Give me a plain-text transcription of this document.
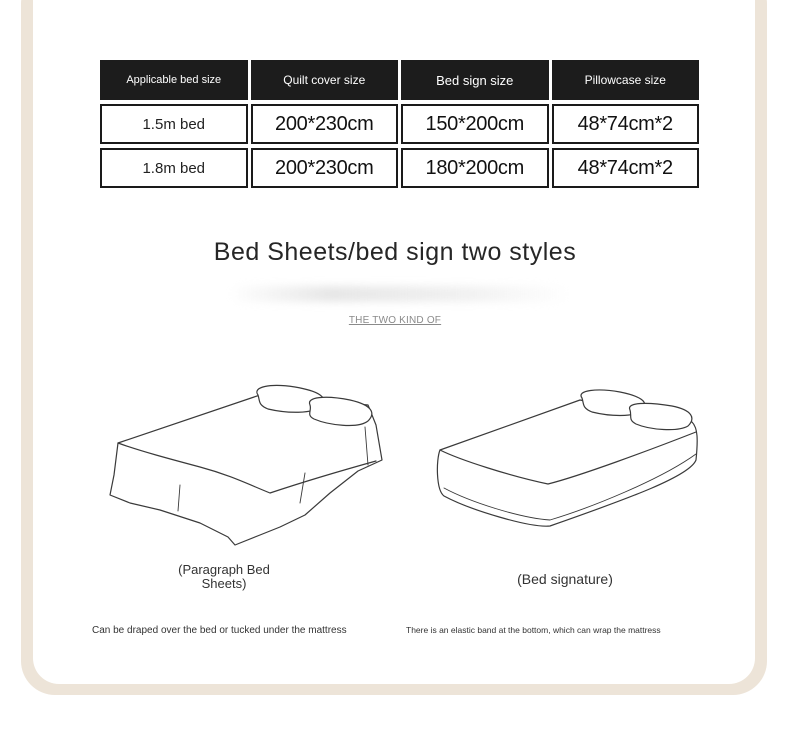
Applicable bed size	Quilt cover size	Bed sign size	Pillowcase size
1.5m bed	200*230cm	150*200cm	48*74cm*2
1.8m bed	200*230cm	180*200cm	48*74cm*2
Bed Sheets/bed sign two styles
THE TWO KIND OF
(Paragraph Bed Sheets)	(Bed signature)
Can be draped over the bed or tucked under the mattress	There is an elastic band at the bottom, which can wrap the mattress
